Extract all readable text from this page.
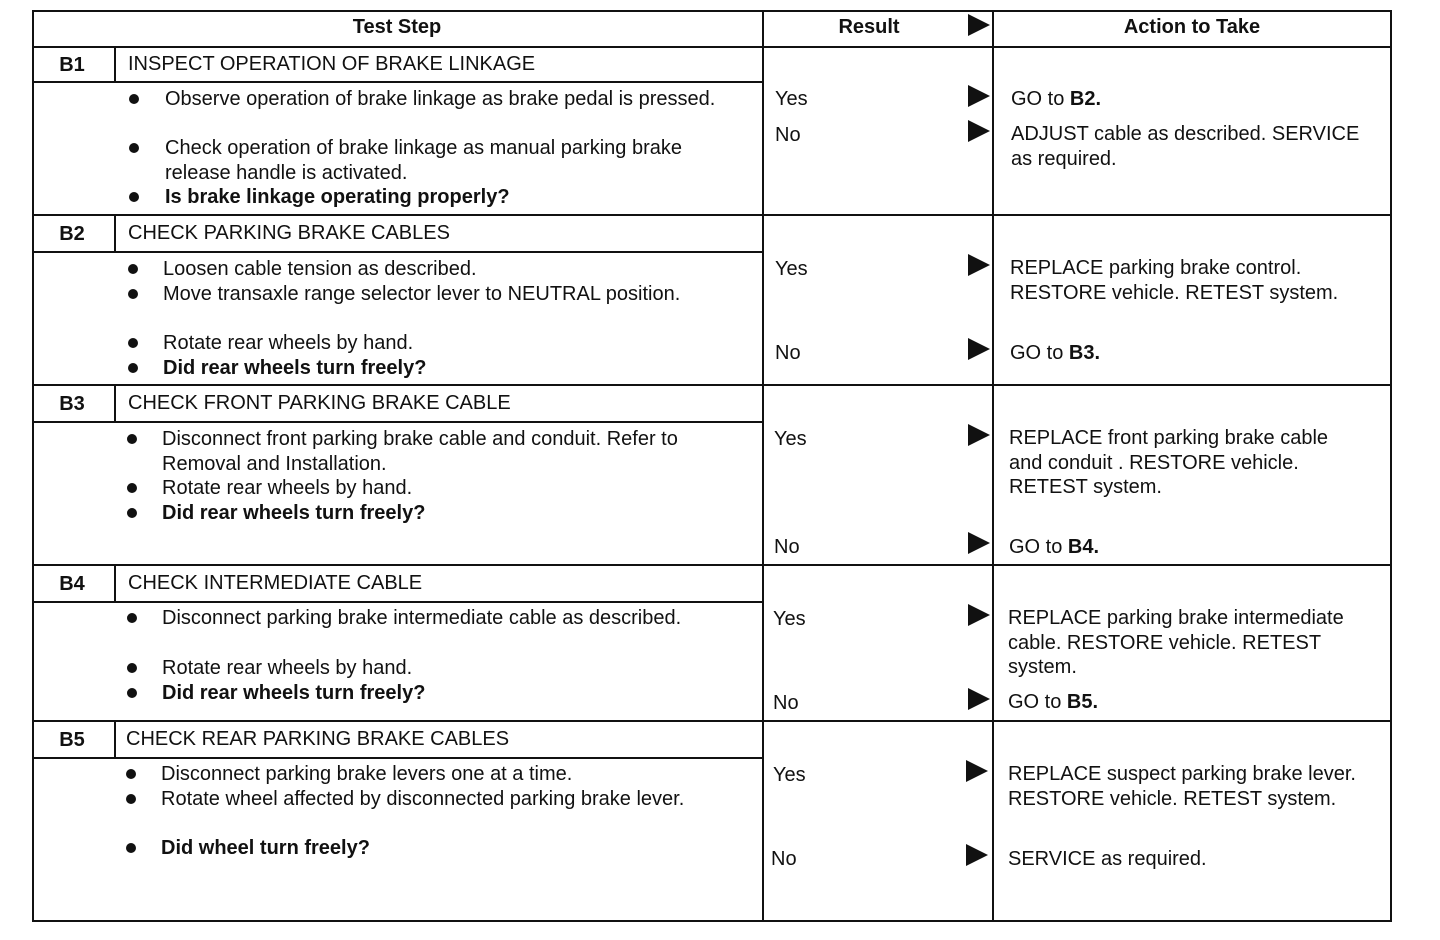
Test Step	Result	Action to Take
B1	INSPECT OPERATION OF BRAKE LINKAGE
Observe operation of brake linkage as brake pedal is pressed.
Check operation of brake linkage as manual parking brake release handle is activated.
Is brake linkage operating properly?
Yes	GO to B2.
No	ADJUST cable as described. SERVICE as required.
B2	CHECK PARKING BRAKE CABLES
Loosen cable tension as described.
Move transaxle range selector lever to NEUTRAL position.
Rotate rear wheels by hand.
Did rear wheels turn freely?
Yes	REPLACE parking brake control. RESTORE vehicle. RETEST system.
No	GO to B3.
B3	CHECK FRONT PARKING BRAKE CABLE
Disconnect front parking brake cable and conduit. Refer to Removal and Installation.
Rotate rear wheels by hand.
Did rear wheels turn freely?
Yes	REPLACE front parking brake cable and conduit . RESTORE vehicle. RETEST system.
No	GO to B4.
B4	CHECK INTERMEDIATE CABLE
Disconnect parking brake intermediate cable as described.
Rotate rear wheels by hand.
Did rear wheels turn freely?
Yes	REPLACE parking brake intermediate cable. RESTORE vehicle. RETEST system.
No	GO to B5.
B5	CHECK REAR PARKING BRAKE CABLES
Disconnect parking brake levers one at a time.
Rotate wheel affected by disconnected parking brake lever.
Did wheel turn freely?
Yes	REPLACE suspect parking brake lever. RESTORE vehicle. RETEST system.
No	SERVICE as required.
